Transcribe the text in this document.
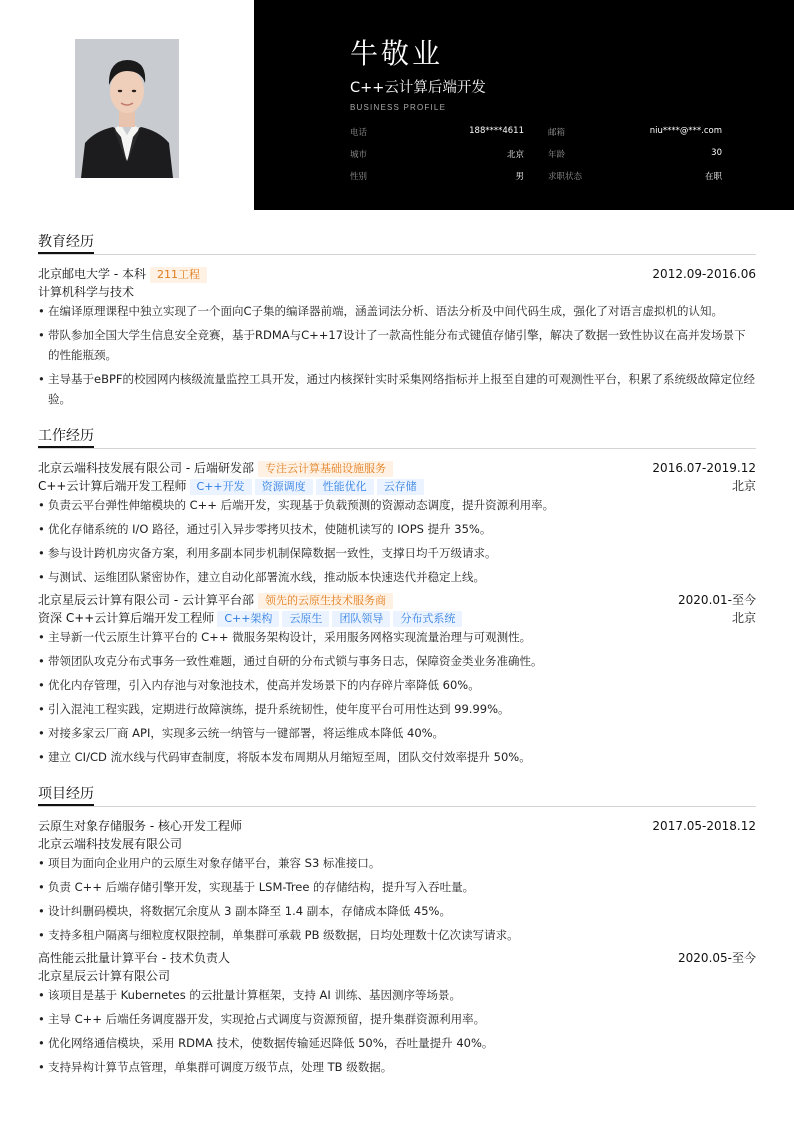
牛敬业
C++云计算后端开发
BUSINESS PROFILE
电话	188****4611	邮箱	niu****@***.com
城市	北京	年龄	30
性别	男	求职状态	在职
教育经历
北京邮电大学 - 本科 211工程	2012.09-2016.06
计算机科学与技术
• 在编译原理课程中独立实现了一个面向C子集的编译器前端，涵盖词法分析、语法分析及中间代码生成，强化了对语言虚拟机的认知。
• 带队参加全国大学生信息安全竞赛，基于RDMA与C++17设计了一款高性能分布式键值存储引擎，解决了数据一致性协议在高并发场景下的性能瓶颈。
• 主导基于eBPF的校园网内核级流量监控工具开发，通过内核探针实时采集网络指标并上报至自建的可观测性平台，积累了系统级故障定位经验。
工作经历
北京云端科技发展有限公司 - 后端研发部 专注云计算基础设施服务	2016.07-2019.12
C++云计算后端开发工程师 C++开发 资源调度 性能优化 云存储	北京
• 负责云平台弹性伸缩模块的 C++ 后端开发，实现基于负载预测的资源动态调度，提升资源利用率。
• 优化存储系统的 I/O 路径，通过引入异步零拷贝技术，使随机读写的 IOPS 提升 35%。
• 参与设计跨机房灾备方案，利用多副本同步机制保障数据一致性，支撑日均千万级请求。
• 与测试、运维团队紧密协作，建立自动化部署流水线，推动版本快速迭代并稳定上线。
北京星辰云计算有限公司 - 云计算平台部 领先的云原生技术服务商	2020.01-至今
资深 C++云计算后端开发工程师 C++架构 云原生 团队领导 分布式系统	北京
• 主导新一代云原生计算平台的 C++ 微服务架构设计，采用服务网格实现流量治理与可观测性。
• 带领团队攻克分布式事务一致性难题，通过自研的分布式锁与事务日志，保障资金类业务准确性。
• 优化内存管理，引入内存池与对象池技术，使高并发场景下的内存碎片率降低 60%。
• 引入混沌工程实践，定期进行故障演练，提升系统韧性，使年度平台可用性达到 99.99%。
• 对接多家云厂商 API，实现多云统一纳管与一键部署，将运维成本降低 40%。
• 建立 CI/CD 流水线与代码审查制度，将版本发布周期从月缩短至周，团队交付效率提升 50%。
项目经历
云原生对象存储服务 - 核心开发工程师	2017.05-2018.12
北京云端科技发展有限公司
• 项目为面向企业用户的云原生对象存储平台，兼容 S3 标准接口。
• 负责 C++ 后端存储引擎开发，实现基于 LSM-Tree 的存储结构，提升写入吞吐量。
• 设计纠删码模块，将数据冗余度从 3 副本降至 1.4 副本，存储成本降低 45%。
• 支持多租户隔离与细粒度权限控制，单集群可承载 PB 级数据，日均处理数十亿次读写请求。
高性能云批量计算平台 - 技术负责人	2020.05-至今
北京星辰云计算有限公司
• 该项目是基于 Kubernetes 的云批量计算框架，支持 AI 训练、基因测序等场景。
• 主导 C++ 后端任务调度器开发，实现抢占式调度与资源预留，提升集群资源利用率。
• 优化网络通信模块，采用 RDMA 技术，使数据传输延迟降低 50%，吞吐量提升 40%。
• 支持异构计算节点管理，单集群可调度万级节点，处理 TB 级数据。
